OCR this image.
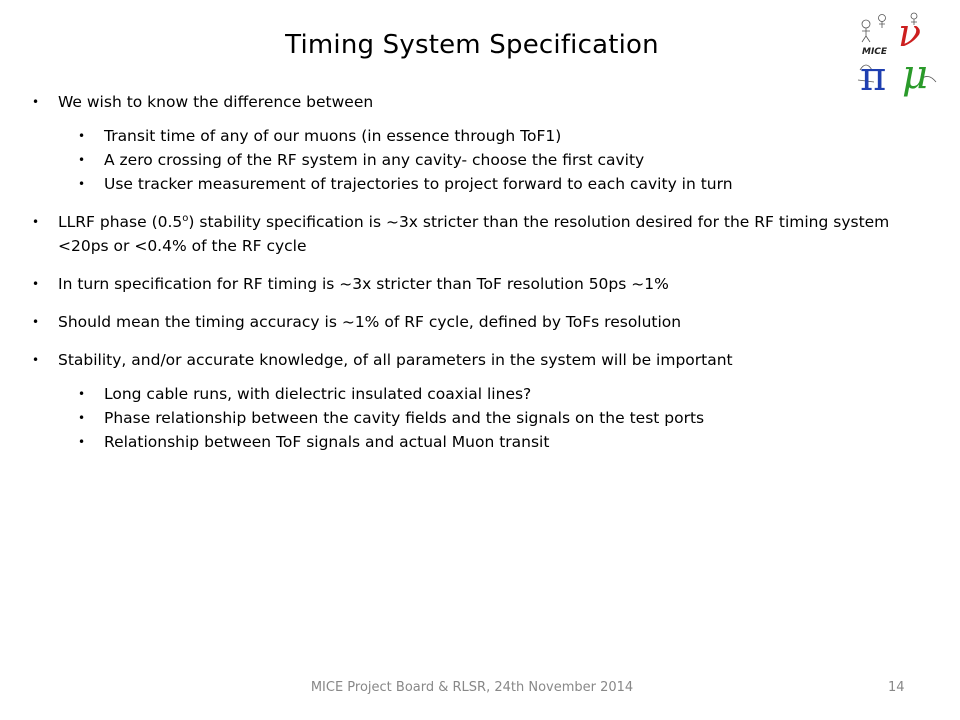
Timing System Specification	MICE ν
π μ
• We wish to know the difference between
• Transit time of any of our muons (in essence through ToF1)
• A zero crossing of the RF system in any cavity- choose the first cavity
• Use tracker measurement of trajectories to project forward to each cavity in turn
• LLRF phase (0.5$^o$) stability specification is ~3x stricter than the resolution desired for the RF timing system <20ps or <0.4% of the RF cycle
• In turn specification for RF timing is ~3x stricter than ToF resolution 50ps ~1%
• Should mean the timing accuracy is ~1% of RF cycle, defined by ToFs resolution
• Stability, and/or accurate knowledge, of all parameters in the system will be important
• Long cable runs, with dielectric insulated coaxial lines?
• Phase relationship between the cavity fields and the signals on the test ports
• Relationship between ToF signals and actual Muon transit
MICE Project Board & RLSR, 24th November 2014	14
